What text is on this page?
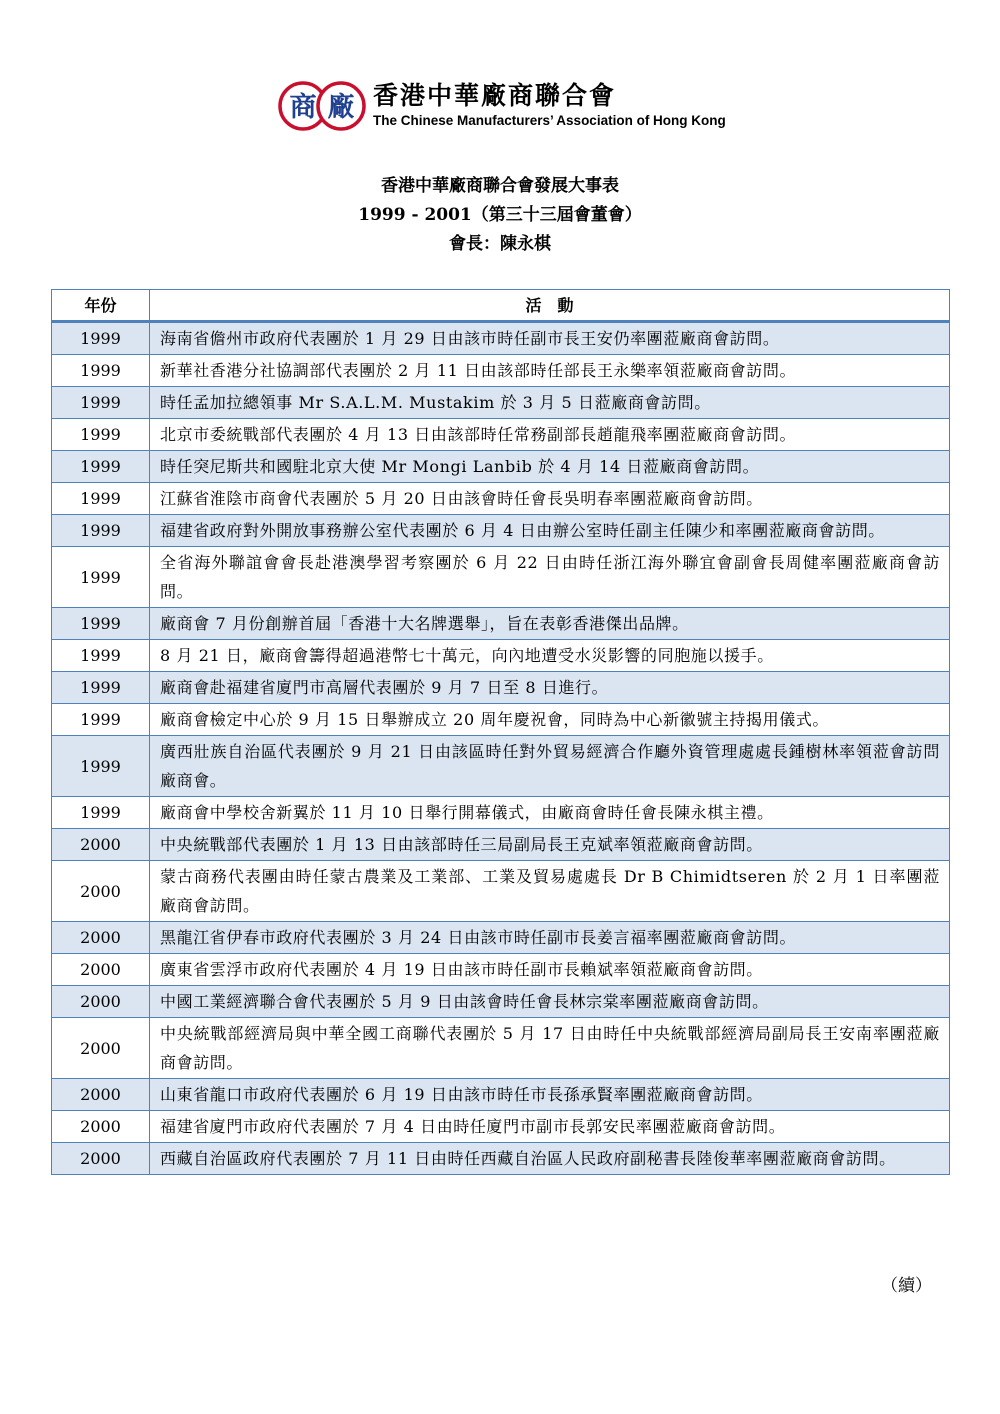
商 廠 香港中華廠商聯合會
The Chinese Manufacturers’ Association of Hong Kong
香港中華廠商聯合會發展大事表
1999 - 2001（第三十三屆會董會）
會長：陳永棋
年份	活　動
1999	海南省儋州市政府代表團於 1 月 29 日由該市時任副市長王安仍率團蒞廠商會訪問。
1999	新華社香港分社協調部代表團於 2 月 11 日由該部時任部長王永樂率領蒞廠商會訪問。
1999	時任孟加拉總領事 Mr S.A.L.M. Mustakim 於 3 月 5 日蒞廠商會訪問。
1999	北京市委統戰部代表團於 4 月 13 日由該部時任常務副部長趙龍飛率團蒞廠商會訪問。
1999	時任突尼斯共和國駐北京大使 Mr Mongi Lanbib 於 4 月 14 日蒞廠商會訪問。
1999	江蘇省淮陰市商會代表團於 5 月 20 日由該會時任會長吳明春率團蒞廠商會訪問。
1999	福建省政府對外開放事務辦公室代表團於 6 月 4 日由辦公室時任副主任陳少和率團蒞廠商會訪問。
1999	全省海外聯誼會會長赴港澳學習考察團於 6 月 22 日由時任浙江海外聯宜會副會長周健率團蒞廠商會訪問。
1999	廠商會 7 月份創辦首屆「香港十大名牌選舉」，旨在表彰香港傑出品牌。
1999	8 月 21 日，廠商會籌得超過港幣七十萬元，向內地遭受水災影響的同胞施以援手。
1999	廠商會赴福建省廈門市高層代表團於 9 月 7 日至 8 日進行。
1999	廠商會檢定中心於 9 月 15 日舉辦成立 20 周年慶祝會，同時為中心新徽號主持揭用儀式。
1999	廣西壯族自治區代表團於 9 月 21 日由該區時任對外貿易經濟合作廳外資管理處處長鍾樹林率領蒞會訪問廠商會。
1999	廠商會中學校舍新翼於 11 月 10 日舉行開幕儀式，由廠商會時任會長陳永棋主禮。
2000	中央統戰部代表團於 1 月 13 日由該部時任三局副局長王克斌率領蒞廠商會訪問。
2000	蒙古商務代表團由時任蒙古農業及工業部、工業及貿易處處長 Dr B Chimidtseren 於 2 月 1 日率團蒞廠商會訪問。
2000	黑龍江省伊春市政府代表團於 3 月 24 日由該市時任副市長姜言福率團蒞廠商會訪問。
2000	廣東省雲浮市政府代表團於 4 月 19 日由該市時任副市長賴斌率領蒞廠商會訪問。
2000	中國工業經濟聯合會代表團於 5 月 9 日由該會時任會長林宗棠率團蒞廠商會訪問。
2000	中央統戰部經濟局與中華全國工商聯代表團於 5 月 17 日由時任中央統戰部經濟局副局長王安南率團蒞廠商會訪問。
2000	山東省龍口市政府代表團於 6 月 19 日由該市時任市長孫承賢率團蒞廠商會訪問。
2000	福建省廈門市政府代表團於 7 月 4 日由時任廈門市副市長郭安民率團蒞廠商會訪問。
2000	西藏自治區政府代表團於 7 月 11 日由時任西藏自治區人民政府副秘書長陸俊華率團蒞廠商會訪問。
（續）
